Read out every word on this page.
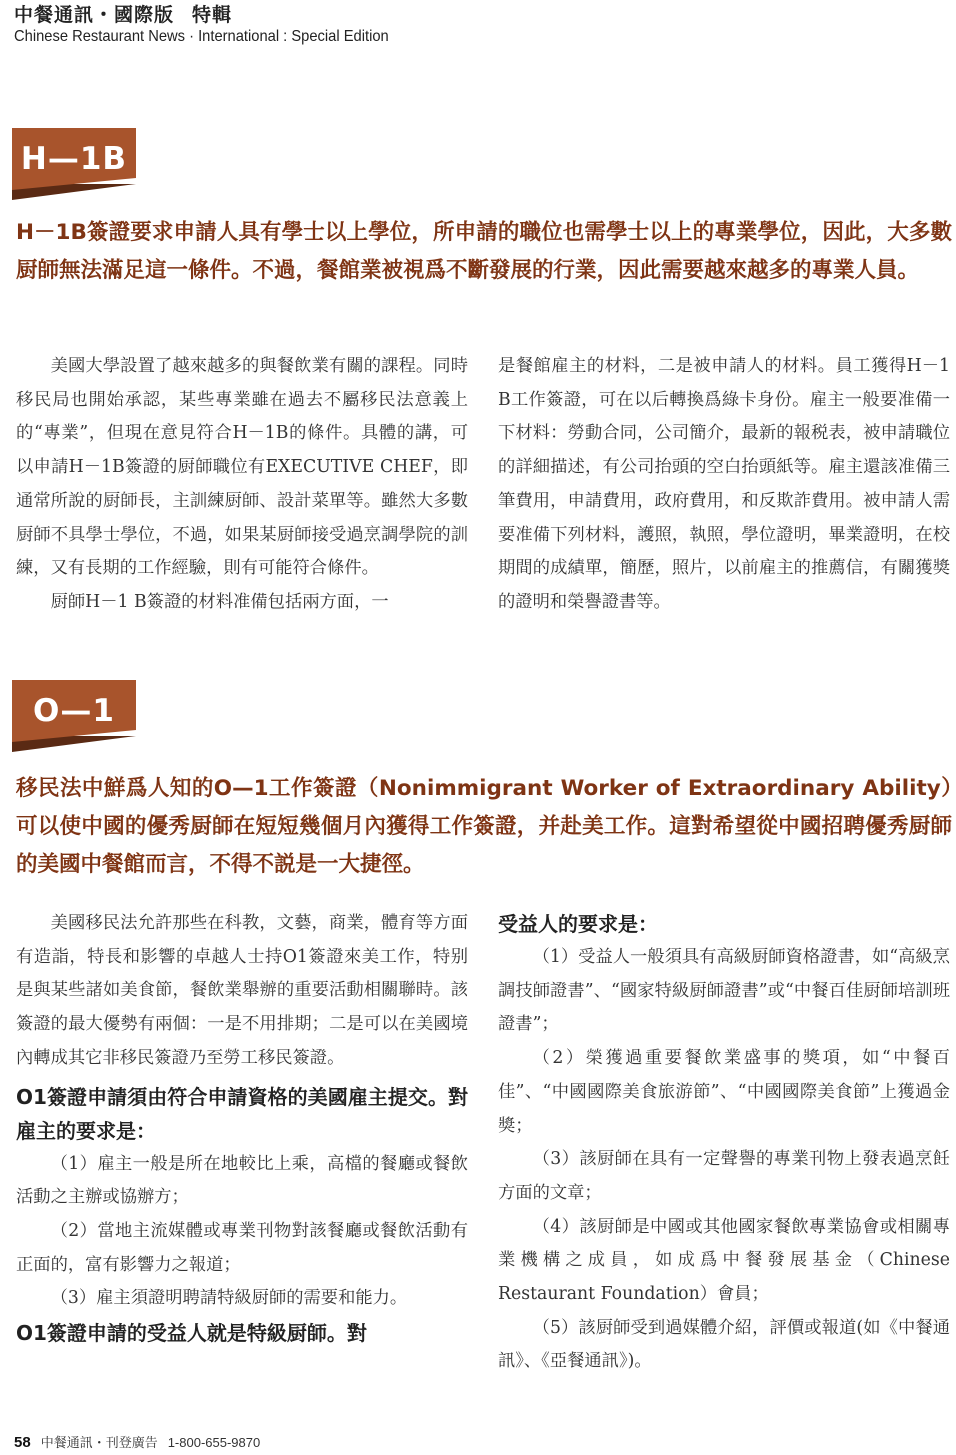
中餐通訊・國際版 特輯
Chinese Restaurant News · International : Special Edition
H—1B
H－1B簽證要求申請人具有學士以上學位，所申請的職位也需學士以上的專業學位，因此，大多數厨師無法滿足這一條件。不過，餐館業被視爲不斷發展的行業，因此需要越來越多的專業人員。

美國大學設置了越來越多的與餐飲業有關的課程。同時移民局也開始承認，某些專業雖在過去不屬移民法意義上的“專業”，但現在意見符合H－1B的條件。具體的講，可以申請H－1B簽證的厨師職位有EXECUTIVE CHEF，即通常所說的厨師長，主訓練厨師、設計菜單等。雖然大多數厨師不具學士學位，不過，如果某厨師接受過烹調學院的訓練，又有長期的工作經驗，則有可能符合條件。

厨師H－1 B簽證的材料准備包括兩方面，一

是餐館雇主的材料，二是被申請人的材料。員工獲得H－1 B工作簽證，可在以后轉換爲綠卡身份。雇主一般要准備一下材料：勞動合同，公司簡介，最新的報税表，被申請職位的詳細描述，有公司抬頭的空白抬頭紙等。雇主還該准備三筆費用，申請費用，政府費用，和反欺詐費用。被申請人需要准備下列材料，護照，執照，學位證明，畢業證明，在校期間的成績單，簡歷，照片，以前雇主的推薦信，有關獲獎的證明和榮譽證書等。

O—1
移民法中鮮爲人知的O—1工作簽證（Nonimmigrant Worker of Extraordinary Ability）可以使中國的優秀厨師在短短幾個月內獲得工作簽證，并赴美工作。這對希望從中國招聘優秀厨師的美國中餐館而言，不得不説是一大捷徑。

美國移民法允許那些在科教，文藝，商業，體育等方面有造詣，特長和影響的卓越人士持O1簽證來美工作，特别是與某些諸如美食節，餐飲業舉辦的重要活動相關聯時。該簽證的最大優勢有兩個：一是不用排期；二是可以在美國境內轉成其它非移民簽證乃至勞工移民簽證。

O1簽證申請須由符合申請資格的美國雇主提交。對雇主的要求是：

（1）雇主一般是所在地較比上乘，高檔的餐廳或餐飲活動之主辦或協辦方；

（2）當地主流媒體或專業刊物對該餐廳或餐飲活動有正面的，富有影響力之報道；

（3）雇主須證明聘請特級厨師的需要和能力。

O1簽證申請的受益人就是特級厨師。對

受益人的要求是：

（1）受益人一般須具有高級厨師資格證書，如“高級烹調技師證書”、“國家特級厨師證書”或“中餐百佳厨師培訓班證書”；

（2）榮獲過重要餐飲業盛事的獎項，如“中餐百佳”、“中國國際美食旅游節”、“中國國際美食節”上獲過金獎；

（3）該厨師在具有一定聲譽的專業刊物上發表過烹飪方面的文章；

（4）該厨師是中國或其他國家餐飲專業協會或相關專業機構之成員，如成爲中餐發展基金（Chinese Restaurant Foundation）會員；

（5）該厨師受到過媒體介紹，評價或報道(如《中餐通訊》、《亞餐通訊》)。

58 中餐通訊・刊登廣告 1-800-655-9870
